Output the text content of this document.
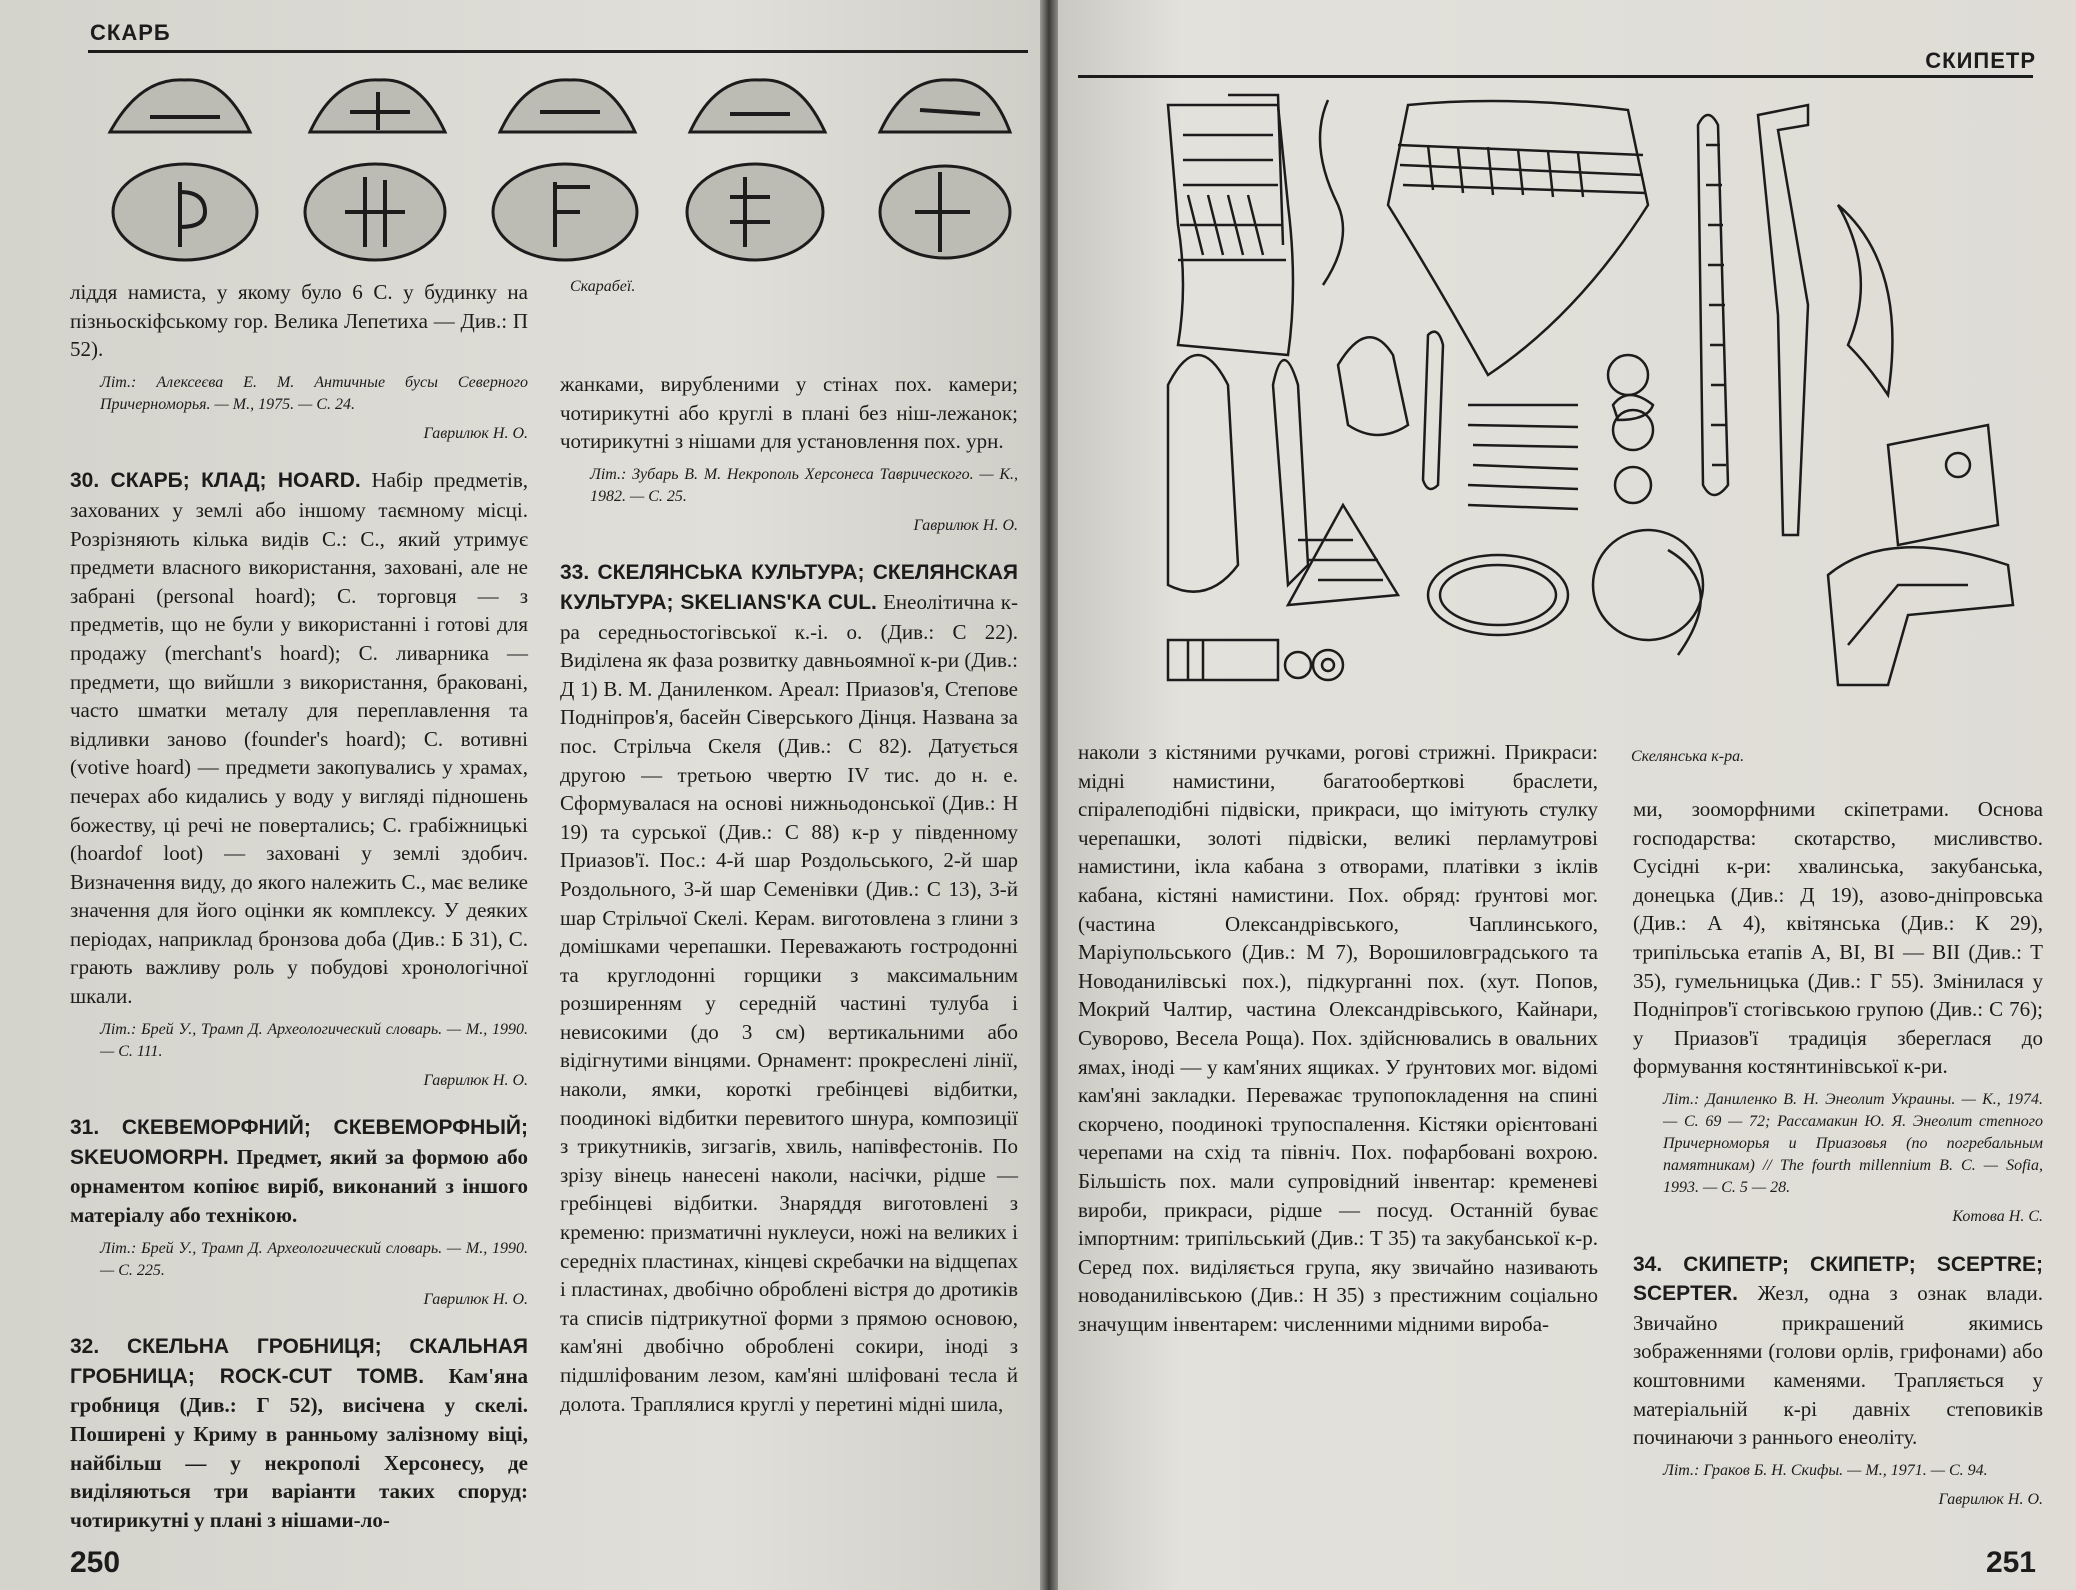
СКАРБ
Скарабеї.

ліддя намиста, у якому було 6 С. у будинку на пізньоскіфському гор. Велика Лепетиха — Див.: П 52).

Літ.: Алексеєва Е. М. Античные бусы Северного Причерноморья. — М., 1975. — С. 24.

Гаврилюк Н. О.

30. СКАРБ; КЛАД; HOARD. Набір предметів, захованих у землі або іншому таємному місці. Розрізняють кілька видів С.: С., який утримує предмети власного використання, заховані, але не забрані (personal hoard); С. торговця — з предметів, що не були у використанні і готові для продажу (merchant's hoard); С. ливарника — предмети, що вийшли з використання, браковані, часто шматки металу для переплавлення та відливки заново (founder's hoard); С. вотивні (votive hoard) — предмети закопувались у храмах, печерах або кидались у воду у вигляді підношень божеству, ці речі не повертались; С. грабіжницькі (hoardof loot) — заховані у землі здобич. Визначення виду, до якого належить С., має велике значення для його оцінки як комплексу. У деяких періодах, наприклад бронзова доба (Див.: Б 31), С. грають важливу роль у побудові хронологічної шкали.

Літ.: Брей У., Трамп Д. Археологический словарь. — М., 1990. — С. 111.

Гаврилюк Н. О.

31. СКЕВЕМОРФНИЙ; СКЕВЕМОРФНЫЙ; SKEUOMORPH. Предмет, який за формою або орнаментом копіює виріб, виконаний з іншого матеріалу або технікою.

Літ.: Брей У., Трамп Д. Археологический словарь. — М., 1990. — С. 225.

Гаврилюк Н. О.

32. СКЕЛЬНА ГРОБНИЦЯ; СКАЛЬНАЯ ГРОБНИЦА; ROCK-CUT TOMB. Кам'яна гробниця (Див.: Г 52), висічена у скелі. Поширені у Криму в ранньому залізному віці, найбільш — у некрополі Херсонесу, де виділяються три варіанти таких споруд: чотирикутні у плані з нішами-ло-

жанками, вирубленими у стінах пох. камери; чотирикутні або круглі в плані без ніш-лежанок; чотирикутні з нішами для установлення пох. урн.

Літ.: Зубарь В. М. Некрополь Херсонеса Таврического. — К., 1982. — С. 25.

Гаврилюк Н. О.

33. СКЕЛЯНСЬКА КУЛЬТУРА; СКЕЛЯНСКАЯ КУЛЬТУРА; SKELIANS'KA CUL. Енеолітична к-ра середньостогівської к.-і. о. (Див.: С 22). Виділена як фаза розвитку давньоямної к-ри (Див.: Д 1) В. М. Даниленком. Ареал: Приазов'я, Степове Подніпров'я, басейн Сіверського Дінця. Названа за пос. Стрільча Скеля (Див.: С 82). Датується другою — третьою чвертю IV тис. до н. е. Сформувалася на основі нижньодонської (Див.: Н 19) та сурської (Див.: С 88) к-р у південному Приазов'ї. Пос.: 4-й шар Роздольського, 2-й шар Роздольного, 3-й шар Семенівки (Див.: С 13), 3-й шар Стрільчої Скелі. Керам. виготовлена з глини з домішками черепашки. Переважають гостродонні та круглодонні горщики з максимальним розширенням у середній частині тулуба і невисокими (до 3 см) вертикальними або відігнутими вінцями. Орнамент: прокреслені лінії, наколи, ямки, короткі гребінцеві відбитки, поодинокі відбитки перевитого шнура, композиції з трикутників, зигзагів, хвиль, напівфестонів. По зрізу вінець нанесені наколи, насічки, рідше — гребінцеві відбитки. Знаряддя виготовлені з кременю: призматичні нуклеуси, ножі на великих і середніх пластинах, кінцеві скребачки на відщепах і пластинах, двобічно оброблені вістря до дротиків та списів підтрикутної форми з прямою основою, кам'яні двобічно оброблені сокири, іноді з підшліфованим лезом, кам'яні шліфовані тесла й долота. Траплялися круглі у перетині мідні шила,

250
СКИПЕТР
Скелянська к-ра.

наколи з кістяними ручками, рогові стрижні. Прикраси: мідні намистини, багатооберткові браслети, спіралеподібні підвіски, прикраси, що імітують стулку черепашки, золоті підвіски, великі перламутрові намистини, ікла кабана з отворами, платівки з іклів кабана, кістяні намистини. Пох. обряд: ґрунтові мог. (частина Олександрівського, Чаплинського, Маріупольського (Див.: М 7), Ворошиловградського та Новоданилівські пох.), підкурганні пох. (хут. Попов, Мокрий Чалтир, частина Олександрівського, Кайнари, Суворово, Весела Роща). Пох. здійснювались в овальних ямах, іноді — у кам'яних ящиках. У ґрунтових мог. відомі кам'яні закладки. Переважає трупопокладення на спині скорчено, поодинокі трупоспалення. Кістяки орієнтовані черепами на схід та північ. Пох. пофарбовані вохрою. Більшість пох. мали супровідний інвентар: кременеві вироби, прикраси, рідше — посуд. Останній буває імпортним: трипільський (Див.: Т 35) та закубанської к-р. Серед пох. виділяється група, яку звичайно називають новоданилівською (Див.: Н 35) з престижним соціально значущим інвентарем: численними мідними вироба-

ми, зооморфними скіпетрами. Основа господарства: скотарство, мисливство. Сусідні к-ри: хвалинська, закубанська, донецька (Див.: Д 19), азово-дніпровська (Див.: А 4), квітянська (Див.: К 29), трипільська етапів A, BI, BI — BII (Див.: Т 35), гумельницька (Див.: Г 55). Змінилася у Подніпров'ї стогівською групою (Див.: С 76); у Приазов'ї традиція збереглася до формування костянтинівської к-ри.

Літ.: Даниленко В. Н. Энеолит Украины. — К., 1974. — С. 69 — 72; Рассамакин Ю. Я. Энеолит степного Причерноморья и Приазовья (по погребальным памятникам) // The fourth millennium B. C. — Sofia, 1993. — С. 5 — 28.

Котова Н. С.

34. СКИПЕТР; СКИПЕТР; SCEPTRE; SCEPTER. Жезл, одна з ознак влади. Звичайно прикрашений якимись зображеннями (голови орлів, грифонами) або коштовними каменями. Трапляється у матеріальній к-рі давніх степовиків починаючи з раннього енеоліту.

Літ.: Граков Б. Н. Скифы. — М., 1971. — С. 94.

Гаврилюк Н. О.

251
